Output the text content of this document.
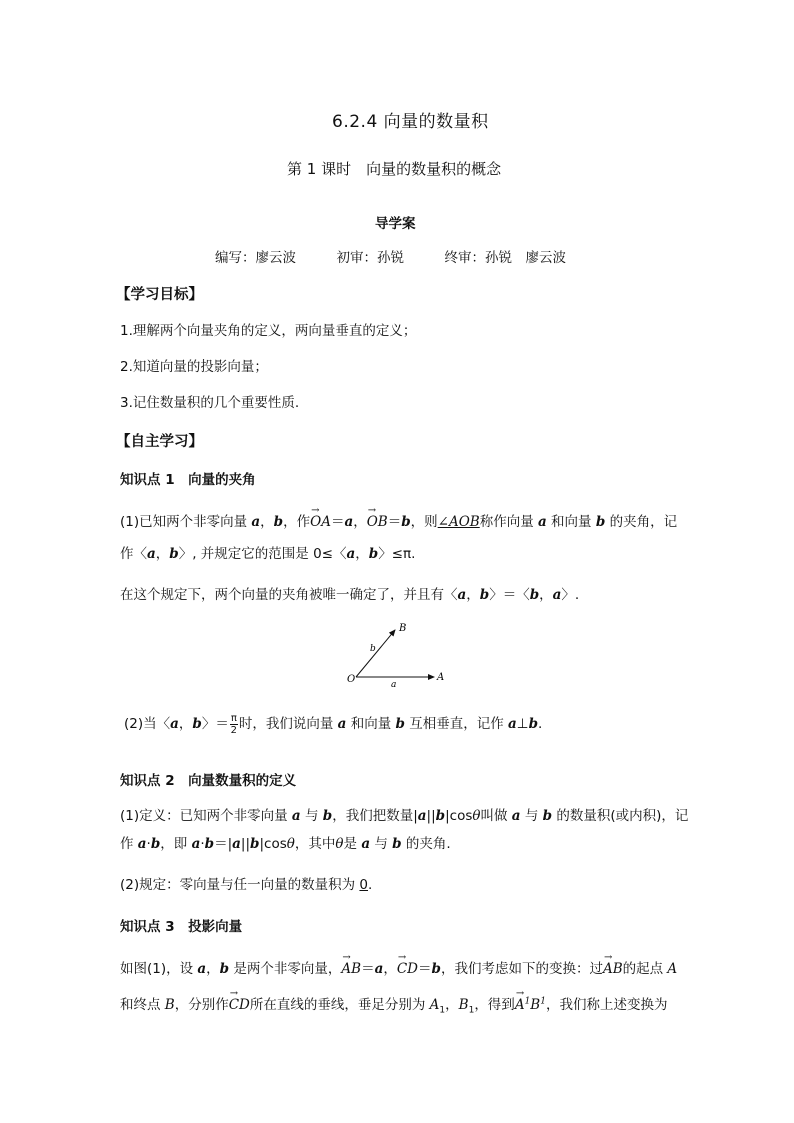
6.2.4 向量的数量积
第 1 课时　向量的数量积的概念
导学案
编写：廖云波　　　初审：孙锐　　　终审：孙锐　廖云波
【学习目标】
1.理解两个向量夹角的定义，两向量垂直的定义；
2.知道向量的投影向量；
3.记住数量积的几个重要性质.
【自主学习】
知识点 1　向量的夹角
(1)已知两个非零向量 a，b，作→ OA＝a，→ OB＝b，则∠AOB称作向量 a 和向量 b 的夹角，记
作〈a，b〉, 并规定它的范围是 0≤〈a，b〉≤π.
在这个规定下，两个向量的夹角被唯一确定了，并且有〈a，b〉＝〈b，a〉.
O	A
B
a
b
(2)当〈a，b〉＝ $\frac{\pi}{2}$ 时，我们说向量 a 和向量 b 互相垂直，记作 a⊥b.
知识点 2　向量数量积的定义
(1)定义：已知两个非零向量 a 与 b，我们把数量|a||b|cosθ叫做 a 与 b 的数量积(或内积)，记
作 a·b，即 a·b＝|a||b|cosθ，其中θ是 a 与 b 的夹角.
(2)规定：零向量与任一向量的数量积为 0.
知识点 3　投影向量
如图(1)，设 a，b 是两个非零向量，→ AB＝a，→ CD＝b，我们考虑如下的变换：过→ AB的起点 A
和终点 B，分别作→ CD所在直线的垂线，垂足分别为 $A_1$，$B_1$，得到→ $A^1B^1$，我们称上述变换为
